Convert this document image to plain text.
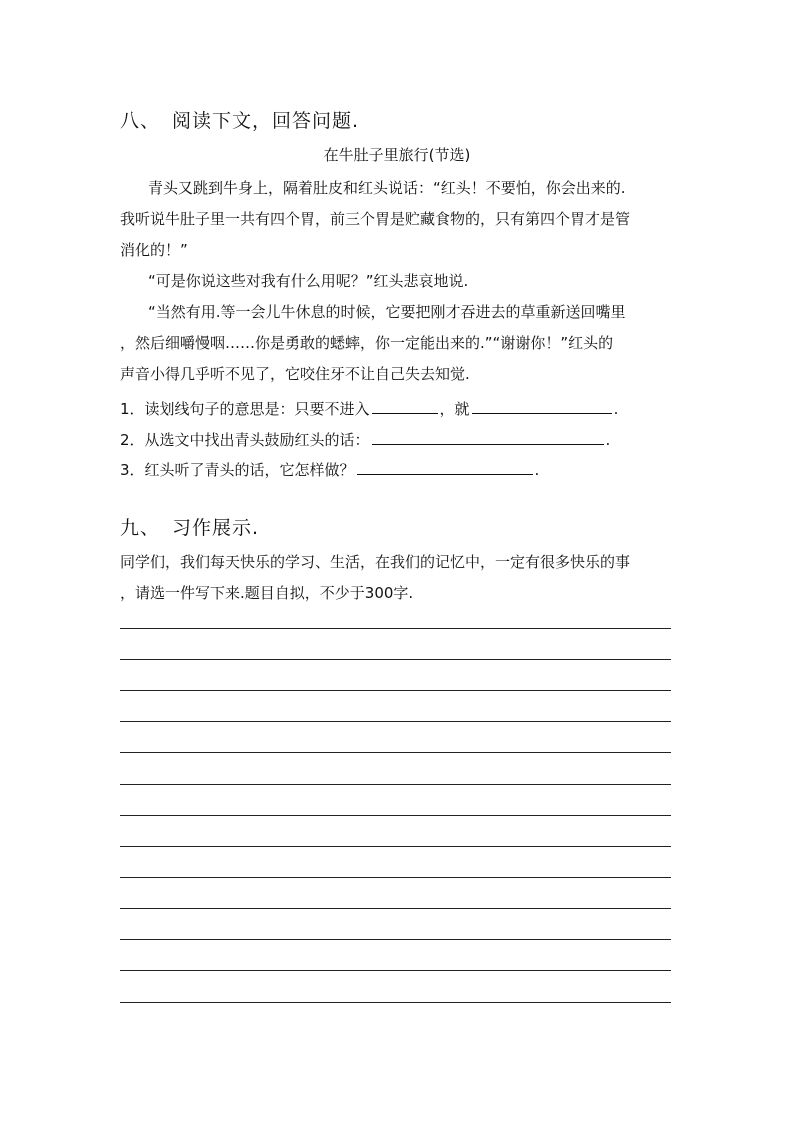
八、 阅读下文，回答问题.
在牛肚子里旅行(节选)
青头又跳到牛身上，隔着肚皮和红头说话：“红头！不要怕，你会出来的.
我听说牛肚子里一共有四个胃，前三个胃是贮藏食物的，只有第四个胃才是管
消化的！”
“可是你说这些对我有什么用呢？”红头悲哀地说.
“当然有用.等一会儿牛休息的时候，它要把刚才吞进去的草重新送回嘴里
，然后细嚼慢咽……你是勇敢的蟋蟀，你一定能出来的.”“谢谢你！”红头的
声音小得几乎听不见了，它咬住牙不让自己失去知觉.
1．读划线句子的意思是：只要不进入	，就	.
2．从选文中找出青头鼓励红头的话：	.
3．红头听了青头的话，它怎样做？	.
九、 习作展示.
同学们，我们每天快乐的学习、生活，在我们的记忆中，一定有很多快乐的事
，请选一件写下来.题目自拟，不少于300字.
